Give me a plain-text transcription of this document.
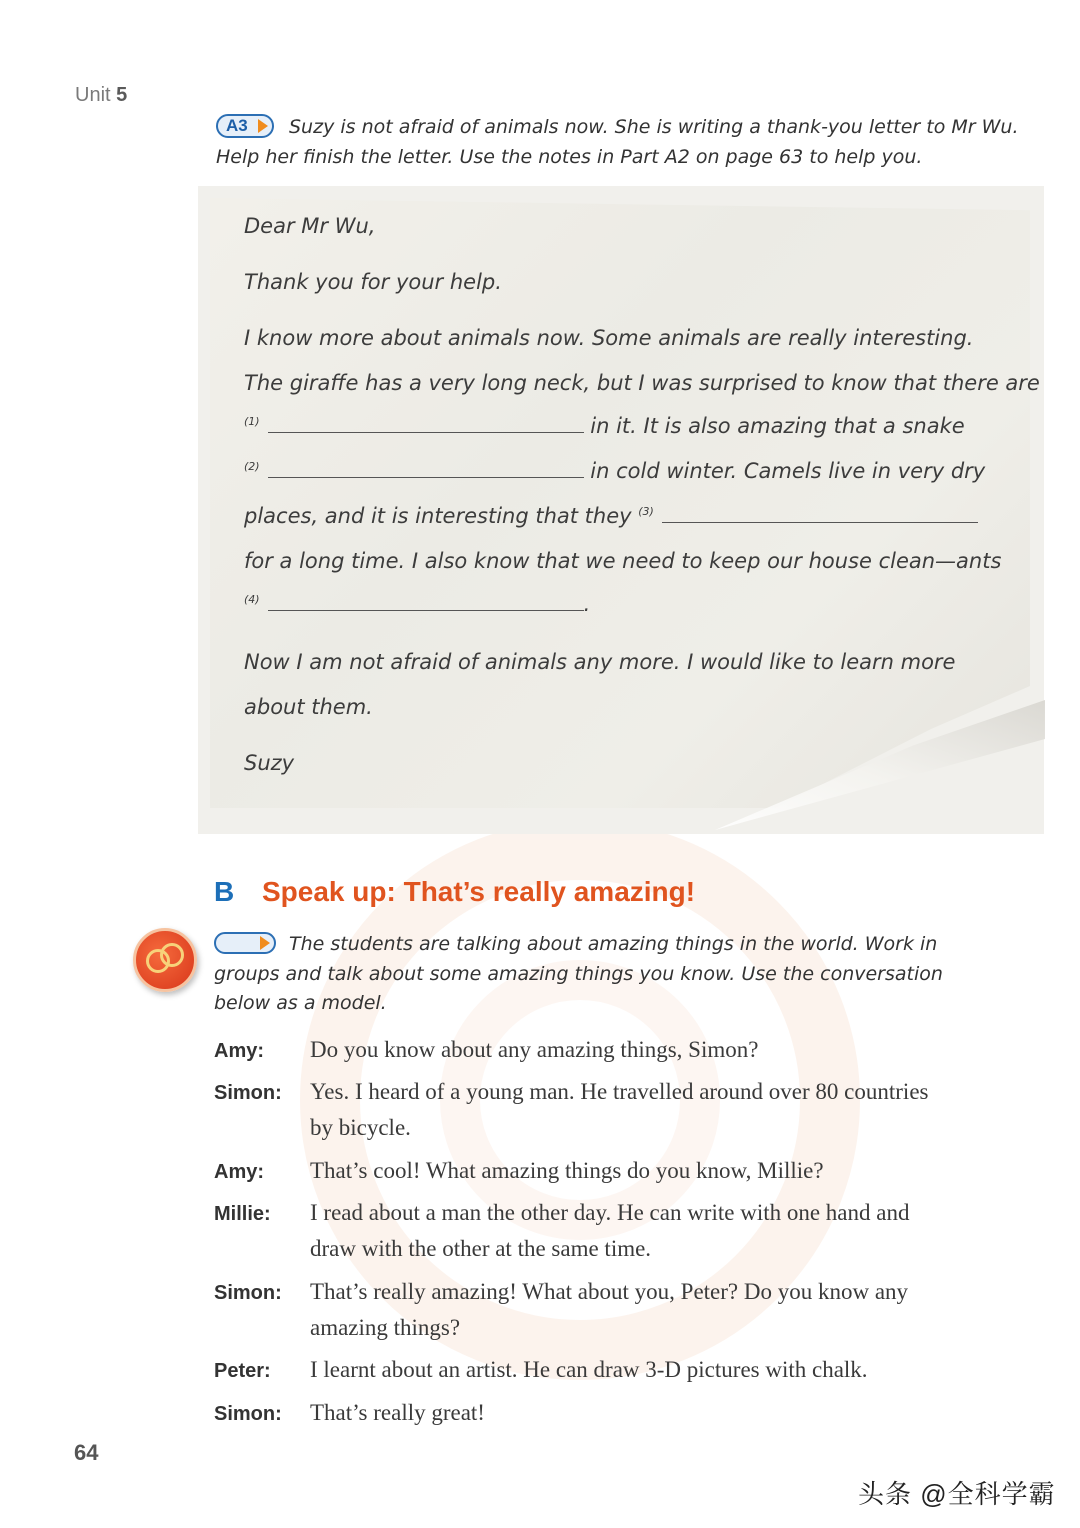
Unit 5
A3	Suzy is not afraid of animals now. She is writing a thank-you letter to Mr Wu.
Help her finish the letter. Use the notes in Part A2 on page 63 to help you.
Dear Mr Wu,
Thank you for your help.
I know more about animals now. Some animals are really interesting.
The giraffe has a very long neck, but I was surprised to know that there are
$^{(1)}$	in it. It is also amazing that a snake
$^{(2)}$	in cold winter. Camels live in very dry
places, and it is interesting that they $^{(3)}$
for a long time. I also know that we need to keep our house clean—ants
$^{(4)}$	.
Now I am not afraid of animals any more. I would like to learn more
about them.
Suzy
B Speak up: That’s really amazing!
The students are talking about amazing things in the world. Work in
groups and talk about some amazing things you know. Use the conversation
below as a model.
Amy: Do you know about any amazing things, Simon?
Simon: Yes. I heard of a young man. He travelled around over 80 countries
by bicycle.
Amy: That’s cool! What amazing things do you know, Millie?
Millie: I read about a man the other day. He can write with one hand and
draw with the other at the same time.
Simon: That’s really amazing! What about you, Peter? Do you know any
amazing things?
Peter: I learnt about an artist. He can draw 3-D pictures with chalk.
Simon: That’s really great!
64
头条 @全科学霸
